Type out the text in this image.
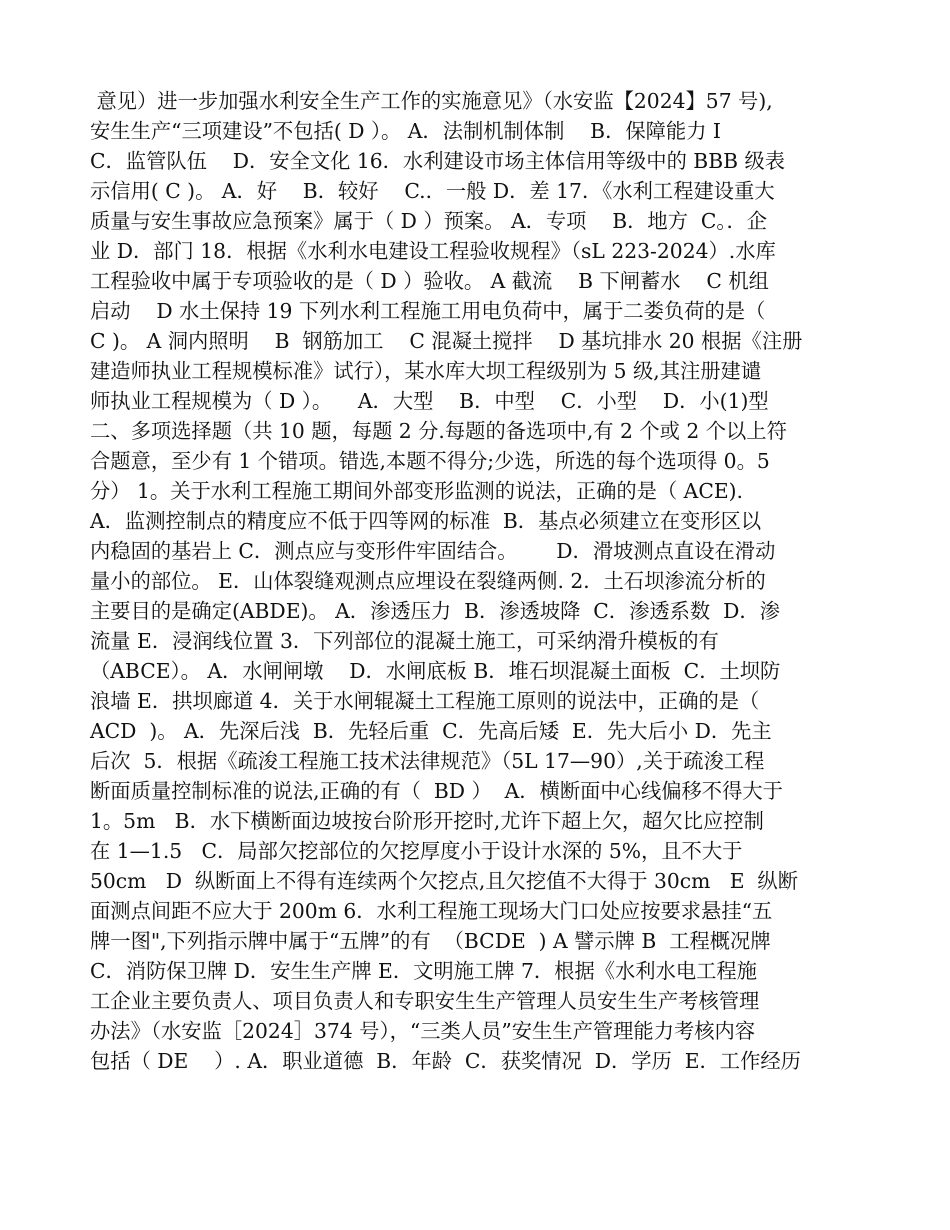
意见）进一步加强水利安全生产工作的实施意见》（水安监【2024】57 号),
安生生产“三项建设”不包括( D ）。 A．法制机制体制    B．保障能力 I
C．监管队伍    D．安全文化 16．水利建设市场主体信用等级中的 BBB 级表
示信用( C )。 A．好    B．较好    C.．一般 D．差 17．《水利工程建设重大
质量与安生事故应急预案》属于（ D ）预案。 A．专项    B．地方  C。．企
业 D．部门 18．根据《水利水电建设工程验收规程》（sL 223-2024）.水库
工程验收中属于专项验收的是（ D ）验收。 A 截流    B 下闸蓄水    C 机组
启动    D 水土保持 19 下列水利工程施工用电负荷中，属于二娄负荷的是（
C )。 A 洞内照明    B  钢筋加工    C 混凝土搅拌    D 基坑排水 20 根据《注册
建造师执业工程规模标准》试行），某水库大坝工程级别为 5 级,其注册建谴
师执业工程规模为（ D ）。    A．大型    B．中型    C．小型    D．小(1)型
二、多项选择题（共 10 题，每题 2 分.每题的备选项中,有 2 个或 2 个以上符
合题意，至少有 1 个错项。错选,本题不得分;少选，所选的每个选项得 0。5
分） 1。关于水利工程施工期间外部变形监测的说法，正确的是（ ACE).
A．监测控制点的精度应不低于四等网的标准  B．基点必须建立在变形区以
内稳固的基岩上 C．测点应与变形件牢固结合。      D．滑坡测点直设在滑动
量小的部位。 E．山体裂缝观测点应埋设在裂缝两侧. 2．土石坝渗流分析的
主要目的是确定(ABDE)。 A．渗透压力  B．渗透坡降  C．渗透系数  D．渗
流量 E．浸润线位置 3．下列部位的混凝土施工，可采纳滑升模板的有
（ABCE）。 A．水闸闸墩    D．水闸底板 B．堆石坝混凝土面板  C．土坝防
浪墙 E．拱坝廊道 4．关于水闸辊凝土工程施工原则的说法中，正确的是（
ACD  )。 A．先深后浅  B．先轻后重  C．先高后矮  E．先大后小 D．先主
后次  5．根据《疏浚工程施工技术法律规范》（5L 17—90）,关于疏浚工程
断面质量控制标准的说法,正确的有（  BD ）  A．横断面中心线偏移不得大于
1。5m   B．水下横断面边坡按台阶形开挖时,尤许下超上欠，超欠比应控制
在 1—1.5   C．局部欠挖部位的欠挖厚度小于设计水深的 5%，且不大于
50cm   D  纵断面上不得有连续两个欠挖点,且欠挖值不大得于 30cm   E  纵断
面测点间距不应大于 200m 6．水利工程施工现场大门口处应按要求悬挂“五
牌一图",下列指示牌中属于“五牌”的有  （BCDE  ) A 譬示牌 B  工程概况牌
C．消防保卫牌 D．安生生产牌 E．文明施工牌 7．根据《水利水电工程施
工企业主要负责人、项目负责人和专职安生生产管理人员安生生产考核管理
办法》（水安监［2024］374 号），“三类人员”安生生产管理能力考核内容
包括（ DE    ）. A．职业道德  B．年龄  C．获奖情况  D．学历  E．工作经历
